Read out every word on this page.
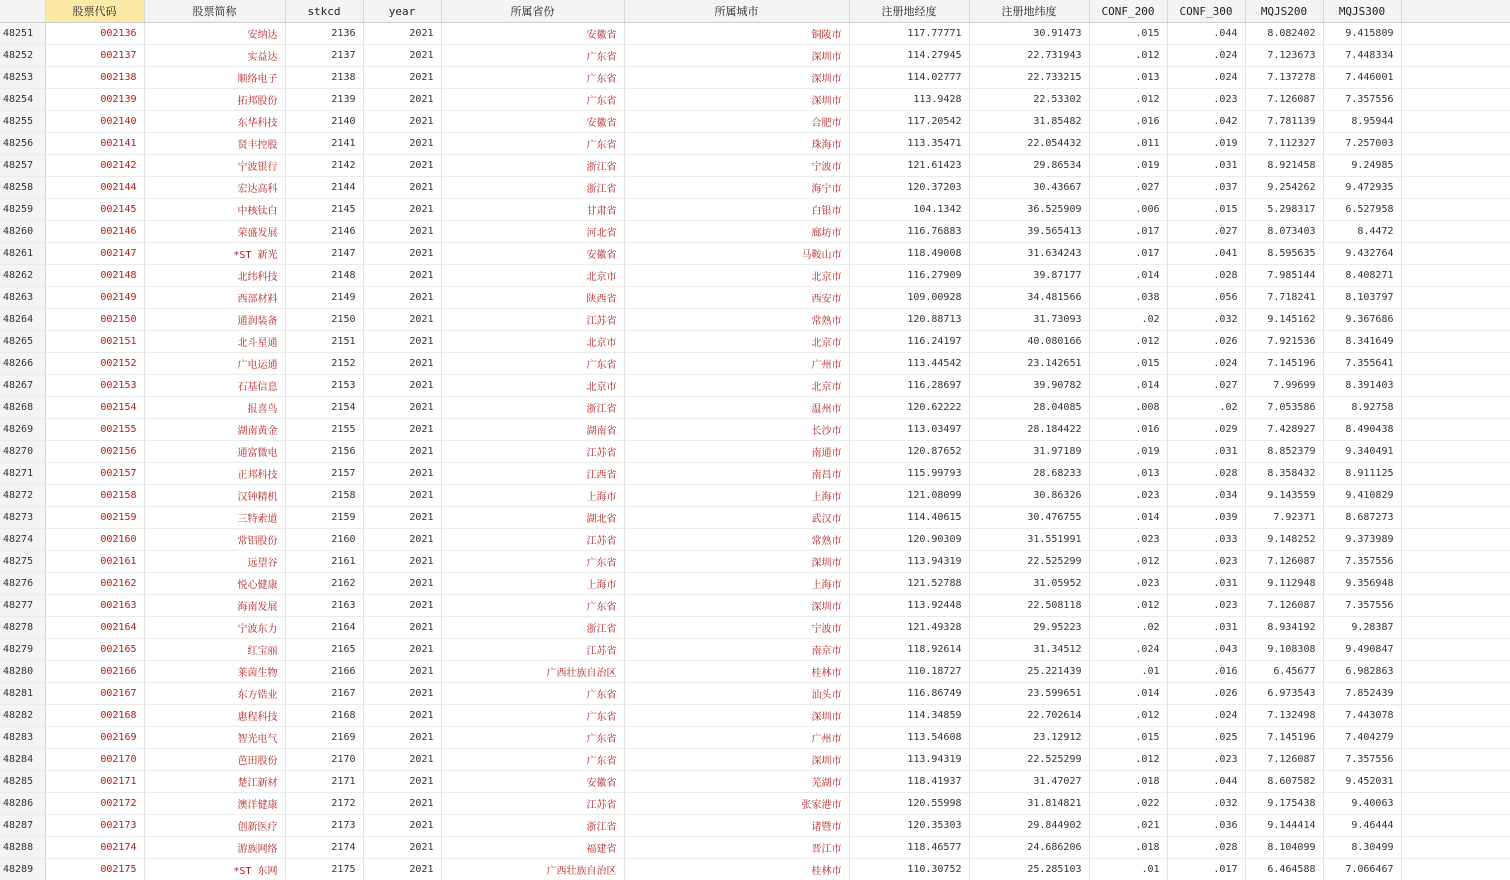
	股票代码	股票简称	stkcd	year	所属省份	所属城市	注册地经度	注册地纬度	CONF_200	CONF_300	MQJS200	MQJS300	
48251	002136	安纳达	2136	2021	安徽省	铜陵市	117.77771	30.91473	.015	.044	8.082402	9.415809	
48252	002137	实益达	2137	2021	广东省	深圳市	114.27945	22.731943	.012	.024	7.123673	7.448334	
48253	002138	顺络电子	2138	2021	广东省	深圳市	114.02777	22.733215	.013	.024	7.137278	7.446001	
48254	002139	拓邦股份	2139	2021	广东省	深圳市	113.9428	22.53302	.012	.023	7.126087	7.357556	
48255	002140	东华科技	2140	2021	安徽省	合肥市	117.20542	31.85482	.016	.042	7.781139	8.95944	
48256	002141	贤丰控股	2141	2021	广东省	珠海市	113.35471	22.054432	.011	.019	7.112327	7.257003	
48257	002142	宁波银行	2142	2021	浙江省	宁波市	121.61423	29.86534	.019	.031	8.921458	9.24985	
48258	002144	宏达高科	2144	2021	浙江省	海宁市	120.37203	30.43667	.027	.037	9.254262	9.472935	
48259	002145	中核钛白	2145	2021	甘肃省	白银市	104.1342	36.525909	.006	.015	5.298317	6.527958	
48260	002146	荣盛发展	2146	2021	河北省	廊坊市	116.76883	39.565413	.017	.027	8.073403	8.4472	
48261	002147	*ST 新光	2147	2021	安徽省	马鞍山市	118.49008	31.634243	.017	.041	8.595635	9.432764	
48262	002148	北纬科技	2148	2021	北京市	北京市	116.27909	39.87177	.014	.028	7.985144	8.408271	
48263	002149	西部材料	2149	2021	陕西省	西安市	109.00928	34.481566	.038	.056	7.718241	8.103797	
48264	002150	通润装备	2150	2021	江苏省	常熟市	120.88713	31.73093	.02	.032	9.145162	9.367686	
48265	002151	北斗星通	2151	2021	北京市	北京市	116.24197	40.080166	.012	.026	7.921536	8.341649	
48266	002152	广电运通	2152	2021	广东省	广州市	113.44542	23.142651	.015	.024	7.145196	7.355641	
48267	002153	石基信息	2153	2021	北京市	北京市	116.28697	39.90782	.014	.027	7.99699	8.391403	
48268	002154	报喜鸟	2154	2021	浙江省	温州市	120.62222	28.04085	.008	.02	7.053586	8.92758	
48269	002155	湖南黄金	2155	2021	湖南省	长沙市	113.03497	28.184422	.016	.029	7.428927	8.490438	
48270	002156	通富微电	2156	2021	江苏省	南通市	120.87652	31.97189	.019	.031	8.852379	9.340491	
48271	002157	正邦科技	2157	2021	江西省	南昌市	115.99793	28.68233	.013	.028	8.358432	8.911125	
48272	002158	汉钟精机	2158	2021	上海市	上海市	121.08099	30.86326	.023	.034	9.143559	9.410829	
48273	002159	三特索道	2159	2021	湖北省	武汉市	114.40615	30.476755	.014	.039	7.92371	8.687273	
48274	002160	常铝股份	2160	2021	江苏省	常熟市	120.90309	31.551991	.023	.033	9.148252	9.373989	
48275	002161	远望谷	2161	2021	广东省	深圳市	113.94319	22.525299	.012	.023	7.126087	7.357556	
48276	002162	悦心健康	2162	2021	上海市	上海市	121.52788	31.05952	.023	.031	9.112948	9.356948	
48277	002163	海南发展	2163	2021	广东省	深圳市	113.92448	22.508118	.012	.023	7.126087	7.357556	
48278	002164	宁波东力	2164	2021	浙江省	宁波市	121.49328	29.95223	.02	.031	8.934192	9.28387	
48279	002165	红宝丽	2165	2021	江苏省	南京市	118.92614	31.34512	.024	.043	9.108308	9.490847	
48280	002166	莱茵生物	2166	2021	广西壮族自治区	桂林市	110.18727	25.221439	.01	.016	6.45677	6.982863	
48281	002167	东方锆业	2167	2021	广东省	汕头市	116.86749	23.599651	.014	.026	6.973543	7.852439	
48282	002168	惠程科技	2168	2021	广东省	深圳市	114.34859	22.702614	.012	.024	7.132498	7.443078	
48283	002169	智光电气	2169	2021	广东省	广州市	113.54608	23.12912	.015	.025	7.145196	7.404279	
48284	002170	芭田股份	2170	2021	广东省	深圳市	113.94319	22.525299	.012	.023	7.126087	7.357556	
48285	002171	楚江新材	2171	2021	安徽省	芜湖市	118.41937	31.47027	.018	.044	8.607582	9.452031	
48286	002172	澳洋健康	2172	2021	江苏省	张家港市	120.55998	31.814821	.022	.032	9.175438	9.40063	
48287	002173	创新医疗	2173	2021	浙江省	诸暨市	120.35303	29.844902	.021	.036	9.144414	9.46444	
48288	002174	游族网络	2174	2021	福建省	晋江市	118.46577	24.686206	.018	.028	8.104099	8.30499	
48289	002175	*ST 东网	2175	2021	广西壮族自治区	桂林市	110.30752	25.285103	.01	.017	6.464588	7.066467	
